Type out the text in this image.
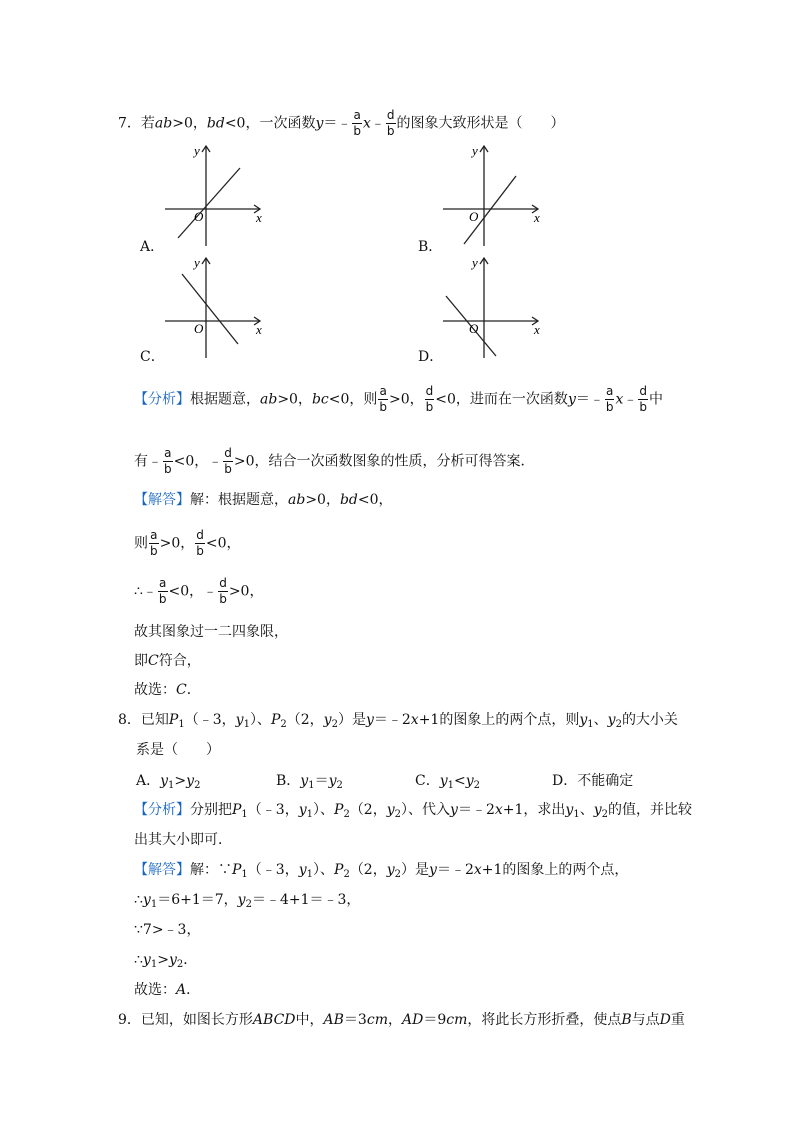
7．若ab>0，bd<0，一次函数y＝﹣ $\frac{a}{b}$ x﹣ $\frac{d}{b}$ 的图象大致形状是（　　）
y
x
O
A．
y
x
O
B．
y
x
O
C．
y
x
O
D．
【分析】根据题意，ab>0，bc<0，则 $\frac{a}{b} >0$， $\frac{d}{b} <0$，进而在一次函数y＝﹣ $\frac{a}{b}$ x﹣ $\frac{d}{b}$ 中
有﹣ $\frac{a}{b} <0$，﹣ $\frac{d}{b} >0$，结合一次函数图象的性质，分析可得答案．
【解答】解：根据题意，ab>0，bd<0，
则 $\frac{a}{b} >0$， $\frac{d}{b} <0$，
∴﹣ $\frac{a}{b} <0$，﹣ $\frac{d}{b} >0$，
故其图象过一二四象限，
即C符合，
故选：C．
8．已知$P_1(﹣3$，$y_1$）、$P_2(2$，$y_2$）是y＝﹣2x+1的图象上的两个点，则$y_1$、$y_2$的大小关
系是（　　）
A．$y_1>y_2$	B．$y_1=y_2$	C．$y_1<y_2$	D．不能确定
【分析】分别把$P_1(﹣3$，$y_1$）、$P_2(2$，$y_2$）、代入y＝﹣2x+1，求出$y_1$、$y_2$的值，并比较
出其大小即可．
【解答】解：$\because P_1(﹣3$，$y_1$）、$P_2(2$，$y_2$）是y＝﹣2x+1的图象上的两个点，
$\therefore y_1=6+1=7$，$y_2=﹣4+1=﹣3$，
∵7>﹣3，
$\therefore y_1>y_2$．
故选：A．
9．已知，如图长方形ABCD中，AB＝3cm，AD＝9cm，将此长方形折叠，使点B与点D重
